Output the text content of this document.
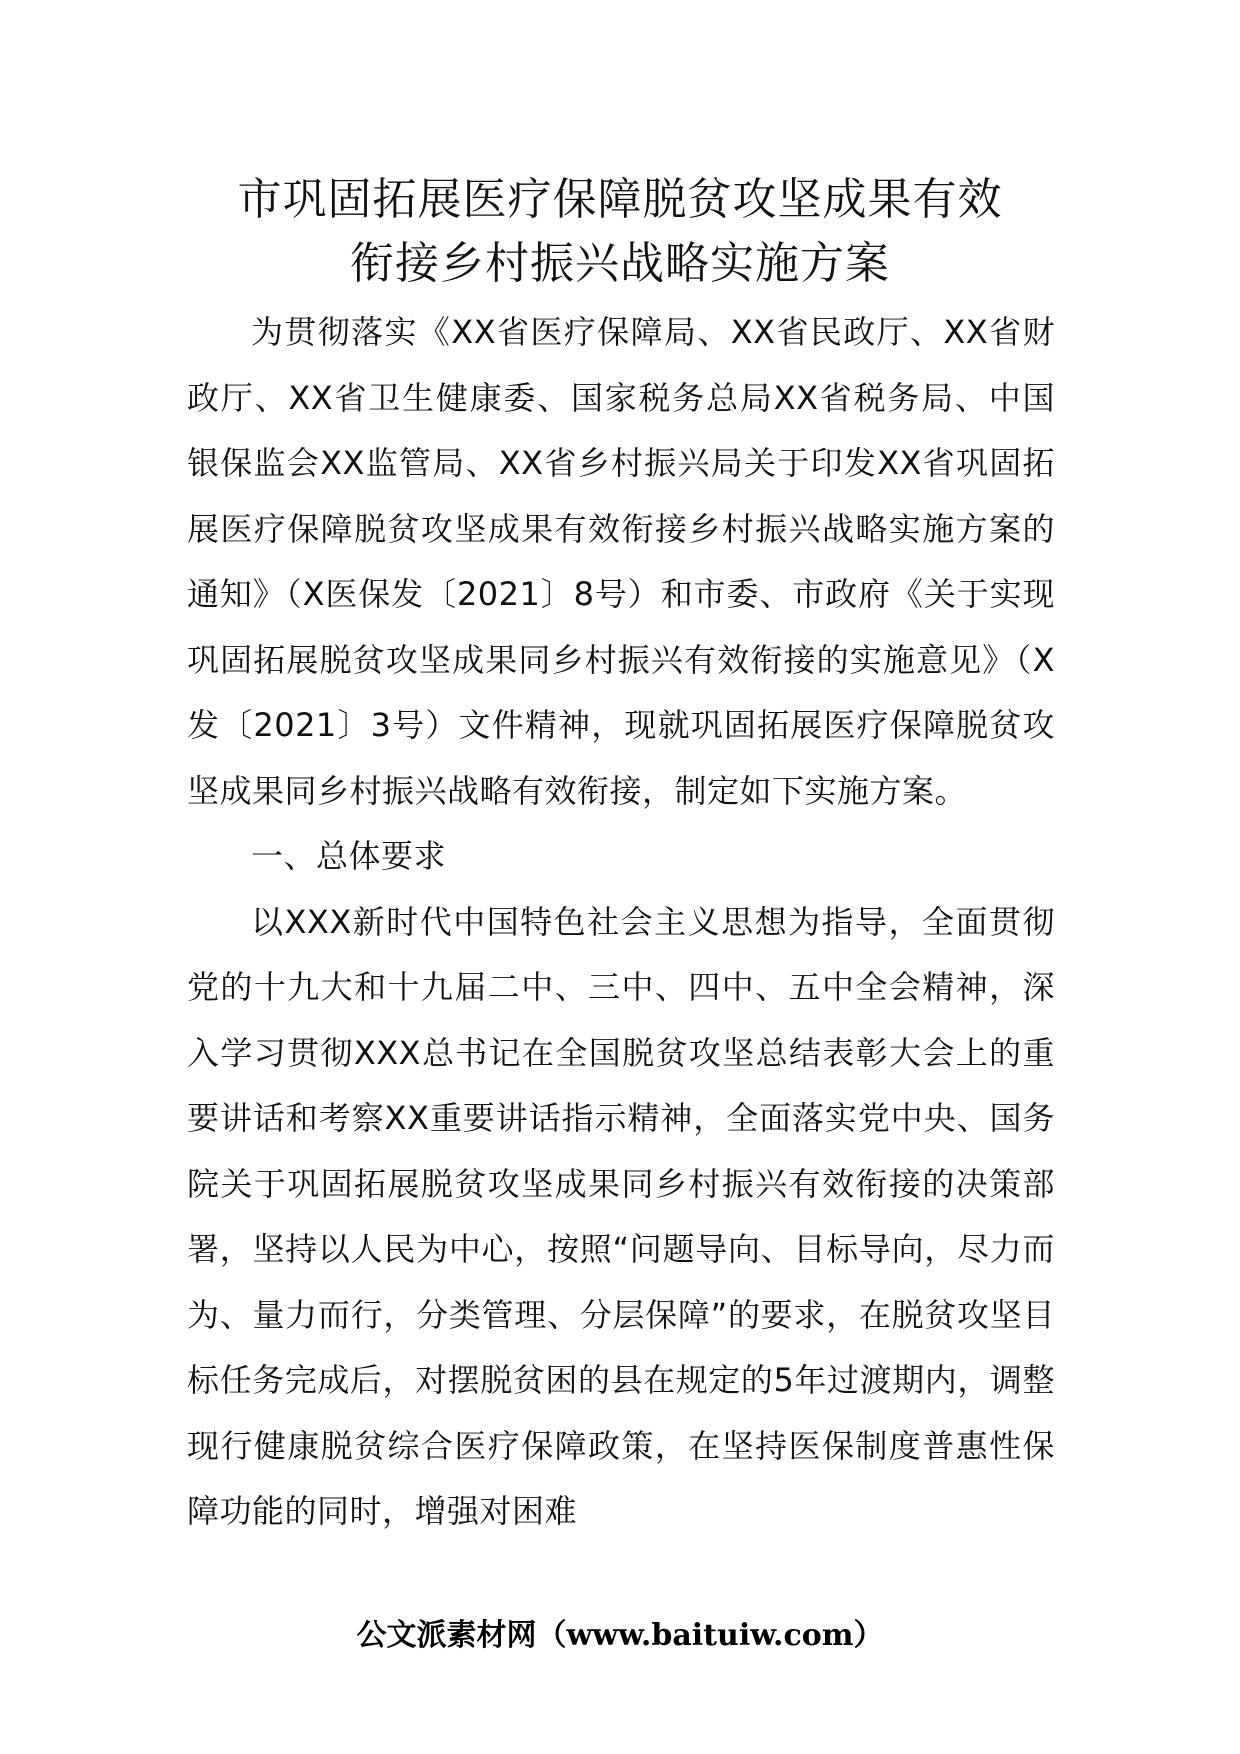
市巩固拓展医疗保障脱贫攻坚成果有效
衔接乡村振兴战略实施方案

为贯彻落实《XX省医疗保障局、XX省民政厅、XX省财政厅、XX省卫生健康委、国家税务总局XX省税务局、中国银保监会XX监管局、XX省乡村振兴局关于印发XX省巩固拓展医疗保障脱贫攻坚成果有效衔接乡村振兴战略实施方案的通知》（X医保发〔2021〕8号）和市委、市政府《关于实现巩固拓展脱贫攻坚成果同乡村振兴有效衔接的实施意见》（X发〔2021〕3号）文件精神，现就巩固拓展医疗保障脱贫攻坚成果同乡村振兴战略有效衔接，制定如下实施方案。

一、总体要求

以XXX新时代中国特色社会主义思想为指导，全面贯彻党的十九大和十九届二中、三中、四中、五中全会精神，深入学习贯彻XXX总书记在全国脱贫攻坚总结表彰大会上的重要讲话和考察XX重要讲话指示精神，全面落实党中央、国务院关于巩固拓展脱贫攻坚成果同乡村振兴有效衔接的决策部署，坚持以人民为中心，按照“问题导向、目标导向，尽力而为、量力而行，分类管理、分层保障”的要求，在脱贫攻坚目标任务完成后，对摆脱贫困的县在规定的5年过渡期内，调整现行健康脱贫综合医疗保障政策，在坚持医保制度普惠性保障功能的同时，增强对困难

公文派素材网（www.baituiw.com）
